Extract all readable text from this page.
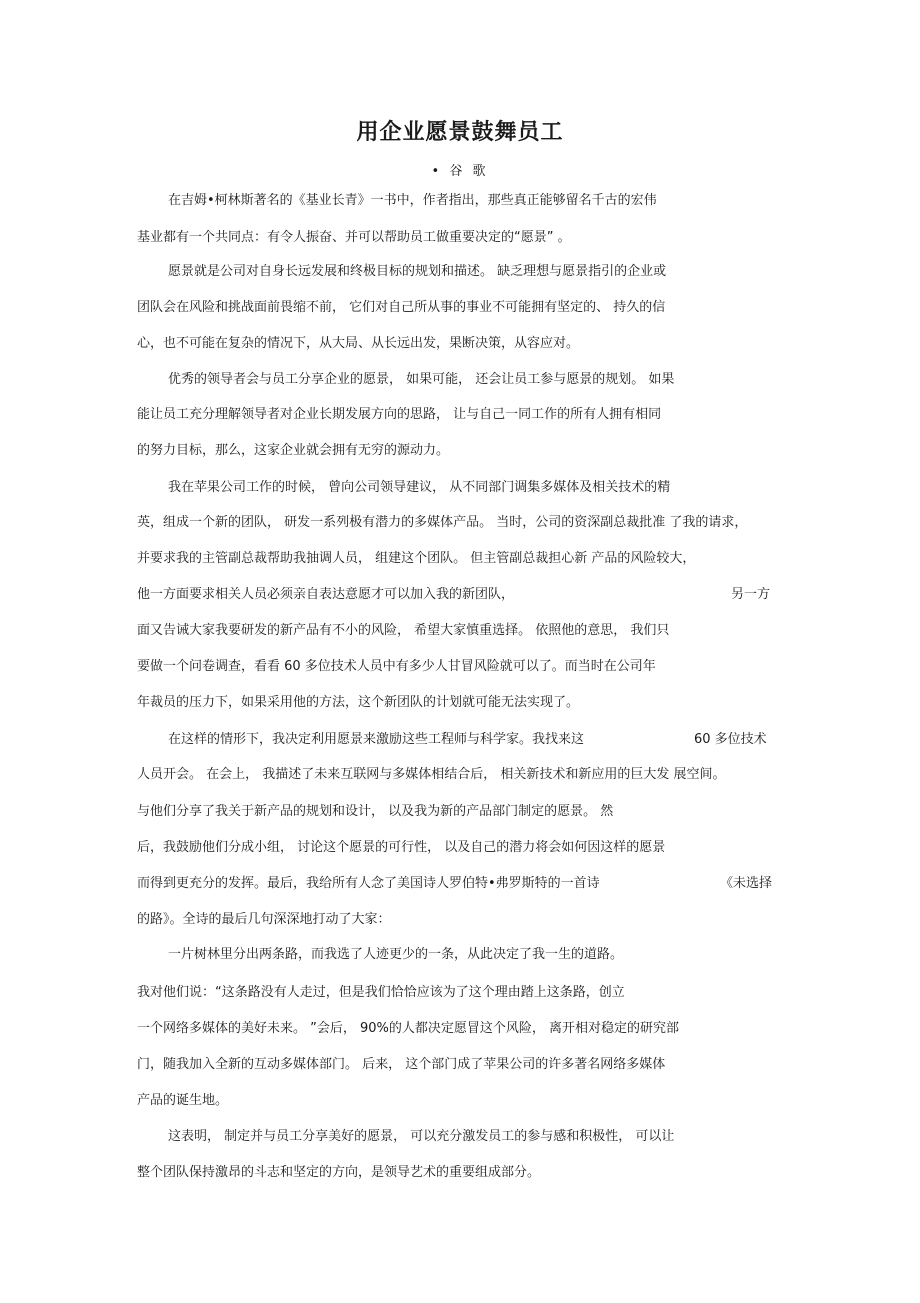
用企业愿景鼓舞员工
• 谷 歌
在吉姆•柯林斯著名的《基业长青》一书中，作者指出，那些真正能够留名千古的宏伟
基业都有一个共同点：有令人振奋、并可以帮助员工做重要决定的“愿景” 。
愿景就是公司对自身长远发展和终极目标的规划和描述。 缺乏理想与愿景指引的企业或
团队会在风险和挑战面前畏缩不前， 它们对自己所从事的事业不可能拥有坚定的、 持久的信
心，也不可能在复杂的情况下，从大局、从长远出发，果断决策，从容应对。
优秀的领导者会与员工分享企业的愿景， 如果可能， 还会让员工参与愿景的规划。 如果
能让员工充分理解领导者对企业长期发展方向的思路， 让与自己一同工作的所有人拥有相同
的努力目标，那么，这家企业就会拥有无穷的源动力。
我在苹果公司工作的时候， 曾向公司领导建议， 从不同部门调集多媒体及相关技术的精
英，组成一个新的团队， 研发一系列极有潜力的多媒体产品。 当时，公司的资深副总裁批准 了我的请求，
并要求我的主管副总裁帮助我抽调人员， 组建这个团队。 但主管副总裁担心新 产品的风险较大，
他一方面要求相关人员必须亲自表达意愿才可以加入我的新团队，	另一方
面又告诫大家我要研发的新产品有不小的风险， 希望大家慎重选择。 依照他的意思， 我们只
要做一个问卷调查，看看 60 多位技术人员中有多少人甘冒风险就可以了。而当时在公司年
年裁员的压力下，如果采用他的方法，这个新团队的计划就可能无法实现了。
在这样的情形下，我决定利用愿景来激励这些工程师与科学家。我找来这	60 多位技术
人员开会。 在会上， 我描述了未来互联网与多媒体相结合后， 相关新技术和新应用的巨大发 展空间。
与他们分享了我关于新产品的规划和设计， 以及我为新的产品部门制定的愿景。 然
后，我鼓励他们分成小组， 讨论这个愿景的可行性， 以及自己的潜力将会如何因这样的愿景
而得到更充分的发挥。最后，我给所有人念了美国诗人罗伯特•弗罗斯特的一首诗	《未选择
的路》。全诗的最后几句深深地打动了大家：
一片树林里分出两条路，而我选了人迹更少的一条，从此决定了我一生的道路。
我对他们说：“这条路没有人走过，但是我们恰恰应该为了这个理由踏上这条路，创立
一个网络多媒体的美好未来。 ”会后， 90%的人都决定愿冒这个风险， 离开相对稳定的研究部
门，随我加入全新的互动多媒体部门。 后来， 这个部门成了苹果公司的许多著名网络多媒体
产品的诞生地。
这表明， 制定并与员工分享美好的愿景， 可以充分激发员工的参与感和积极性， 可以让
整个团队保持激昂的斗志和坚定的方向，是领导艺术的重要组成部分。
